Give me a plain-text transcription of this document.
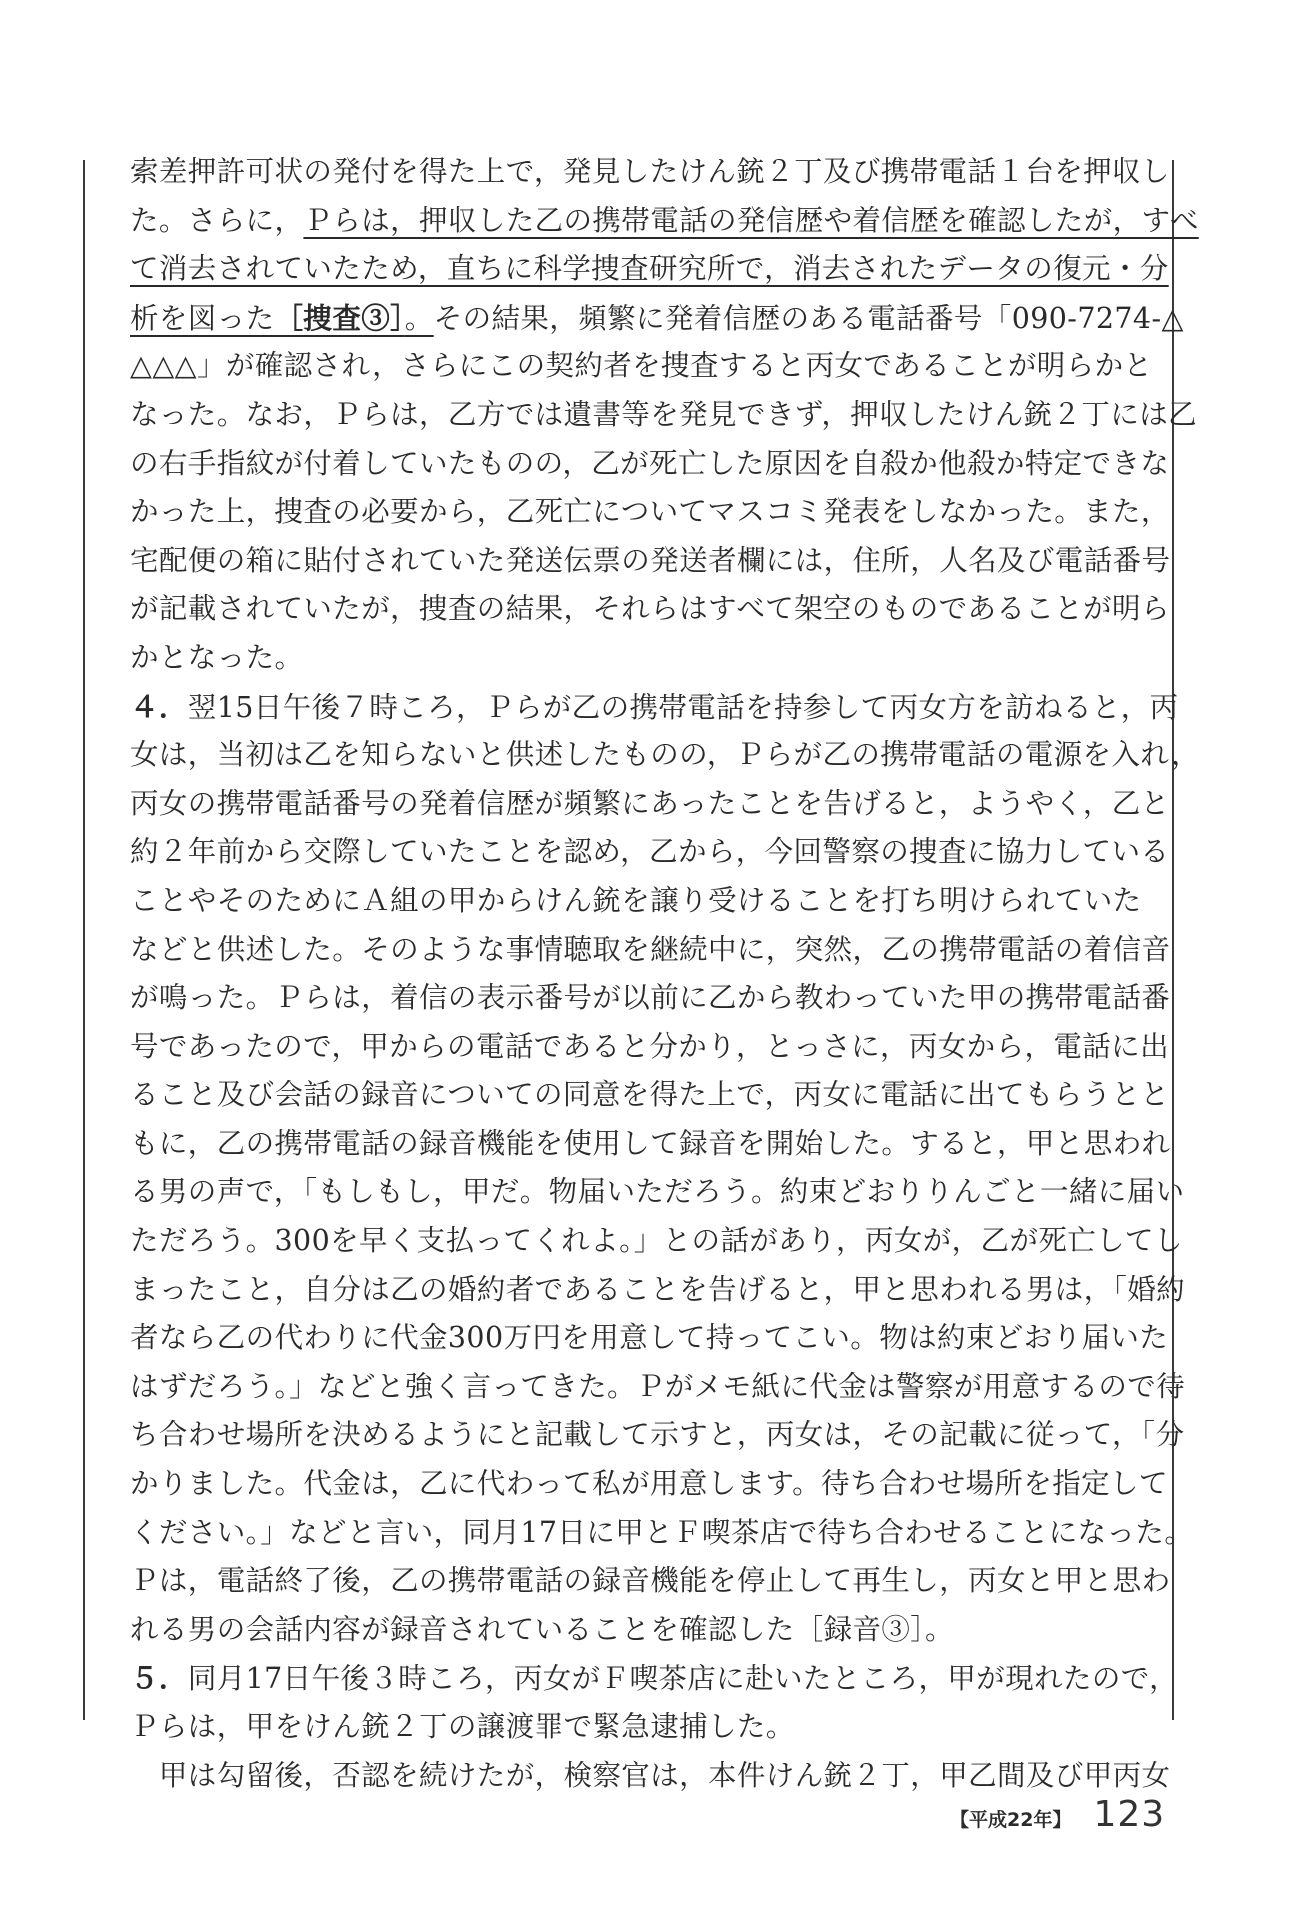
索差押許可状の発付を得た上で，発見したけん銃２丁及び携帯電話１台を押収し
た。さらに，Ｐらは，押収した乙の携帯電話の発信歴や着信歴を確認したが，すべ
て消去されていたため，直ちに科学捜査研究所で，消去されたデータの復元・分
析を図った［捜査③］。その結果，頻繁に発着信歴のある電話番号「090-7274-△
△△△」が確認され，さらにこの契約者を捜査すると丙女であることが明らかと
なった。なお，Ｐらは，乙方では遺書等を発見できず，押収したけん銃２丁には乙
の右手指紋が付着していたものの，乙が死亡した原因を自殺か他殺か特定できな
かった上，捜査の必要から，乙死亡についてマスコミ発表をしなかった。また，
宅配便の箱に貼付されていた発送伝票の発送者欄には，住所，人名及び電話番号
が記載されていたが，捜査の結果，それらはすべて架空のものであることが明ら
かとなった。
４．翌15日午後７時ころ，Ｐらが乙の携帯電話を持参して丙女方を訪ねると，丙
女は，当初は乙を知らないと供述したものの，Ｐらが乙の携帯電話の電源を入れ，
丙女の携帯電話番号の発着信歴が頻繁にあったことを告げると，ようやく，乙と
約２年前から交際していたことを認め，乙から，今回警察の捜査に協力している
ことやそのためにＡ組の甲からけん銃を譲り受けることを打ち明けられていた
などと供述した。そのような事情聴取を継続中に，突然，乙の携帯電話の着信音
が鳴った。Ｐらは，着信の表示番号が以前に乙から教わっていた甲の携帯電話番
号であったので，甲からの電話であると分かり，とっさに，丙女から，電話に出
ること及び会話の録音についての同意を得た上で，丙女に電話に出てもらうとと
もに，乙の携帯電話の録音機能を使用して録音を開始した。すると，甲と思われ
る男の声で，「もしもし，甲だ。物届いただろう。約束どおりりんごと一緒に届い
ただろう。300を早く支払ってくれよ。」との話があり，丙女が，乙が死亡してし
まったこと，自分は乙の婚約者であることを告げると，甲と思われる男は，「婚約
者なら乙の代わりに代金300万円を用意して持ってこい。物は約束どおり届いた
はずだろう。」などと強く言ってきた。Ｐがメモ紙に代金は警察が用意するので待
ち合わせ場所を決めるようにと記載して示すと，丙女は，その記載に従って，「分
かりました。代金は，乙に代わって私が用意します。待ち合わせ場所を指定して
ください。」などと言い，同月17日に甲とＦ喫茶店で待ち合わせることになった。
Ｐは，電話終了後，乙の携帯電話の録音機能を停止して再生し，丙女と甲と思わ
れる男の会話内容が録音されていることを確認した［録音③］。
５．同月17日午後３時ころ，丙女がＦ喫茶店に赴いたところ，甲が現れたので，
Ｐらは，甲をけん銃２丁の譲渡罪で緊急逮捕した。
　甲は勾留後，否認を続けたが，検察官は，本件けん銃２丁，甲乙間及び甲丙女
【平成22年】 123
